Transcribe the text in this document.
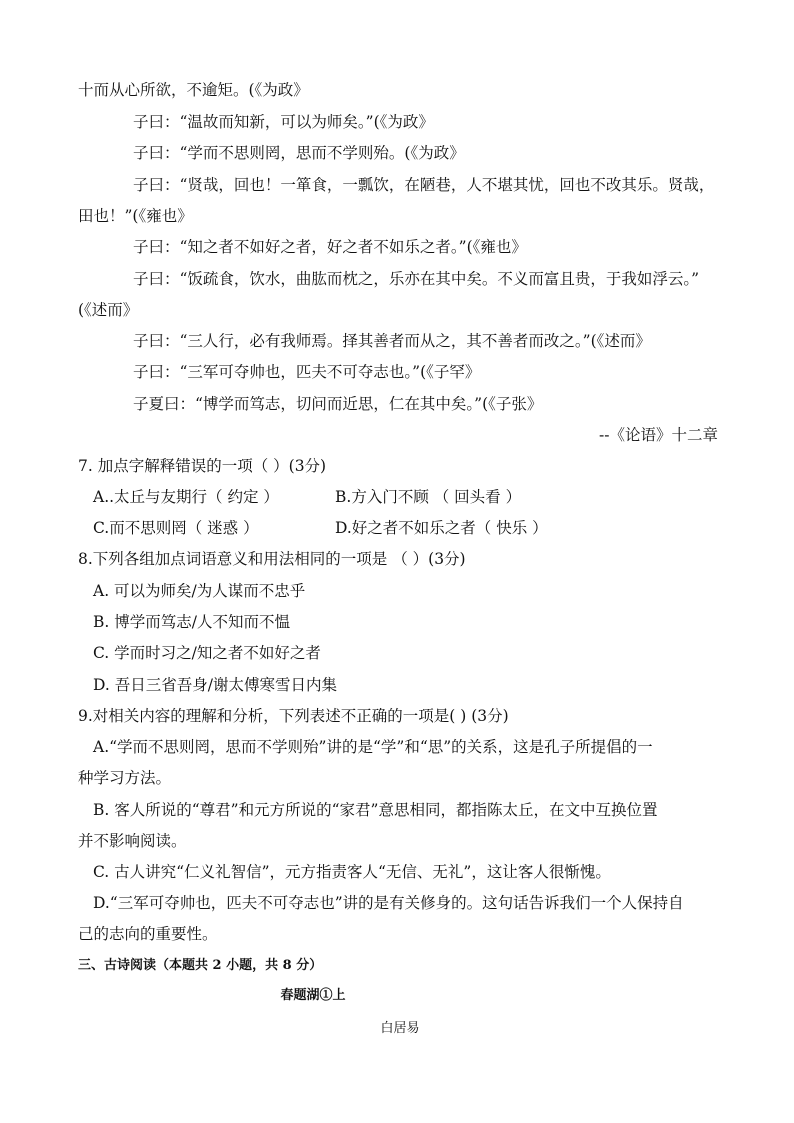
十而从心所欲，不逾矩。(《为政》
子曰：“温故而知新，可以为师矣。”(《为政》
子曰：“学而不思则罔，思而不学则殆。(《为政》
子曰：“贤哉，回也！一箪食，一瓢饮，在陋巷，人不堪其忧，回也不改其乐。贤哉，
田也！”(《雍也》
子曰：“知之者不如好之者，好之者不如乐之者。”(《雍也》
子曰：“饭疏食，饮水，曲肱而枕之，乐亦在其中矣。不义而富且贵，于我如浮云。”
(《述而》
子曰：“三人行，必有我师焉。择其善者而从之，其不善者而改之。”(《述而》
子曰：“三军可夺帅也，匹夫不可夺志也。”(《子罕》
子夏曰：“博学而笃志，切问而近思，仁在其中矣。”(《子张》
--《论语》十二章
7. 加点字解释错误的一项（ ）(3分)
A..太丘与友期行（ 约定 ）	B.方入门不顾 （ 回头看 ）
C.而不思则罔（ 迷惑 ）	D.好之者不如乐之者（ 快乐 ）
8.下列各组加点词语意义和用法相同的一项是 （ ）(3分)
A. 可以为师矣/为人谋而不忠乎
B. 博学而笃志/人不知而不愠
C. 学而时习之/知之者不如好之者
D. 吾日三省吾身/谢太傅寒雪日内集
9.对相关内容的理解和分析，下列表述不正确的一项是( ) (3分)
A.“学而不思则罔，思而不学则殆”讲的是“学”和“思”的关系，这是孔子所提倡的一
种学习方法。
B. 客人所说的“尊君”和元方所说的“家君”意思相同，都指陈太丘，在文中互换位置
并不影响阅读。
C. 古人讲究“仁义礼智信”，元方指责客人“无信、无礼”，这让客人很惭愧。
D.“三军可夺帅也，匹夫不可夺志也”讲的是有关修身的。这句话告诉我们一个人保持自
己的志向的重要性。
三、古诗阅读（本题共 2 小题，共 8 分）
春题湖①上
白居易
